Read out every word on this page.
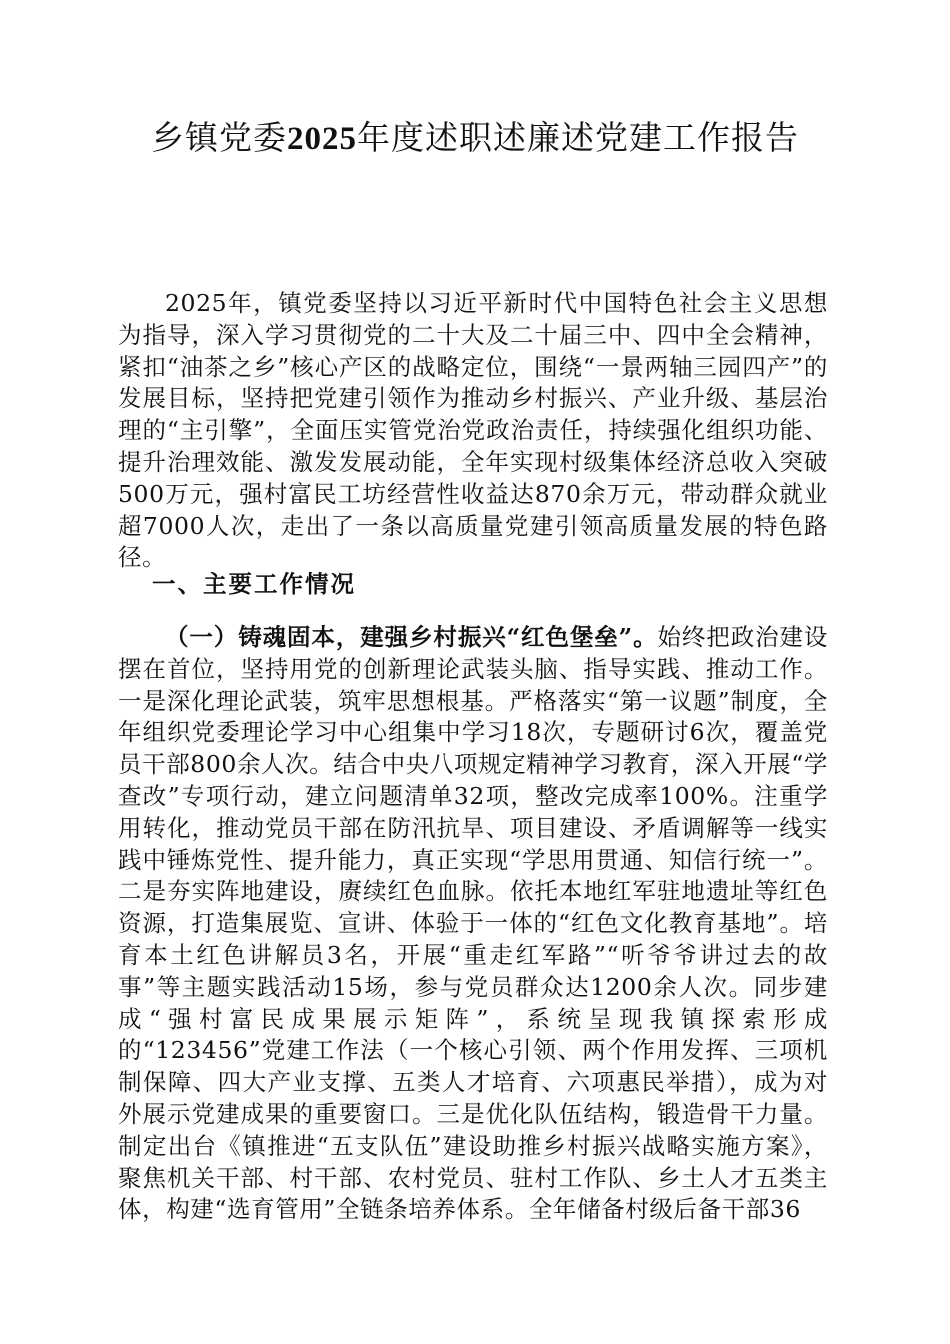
乡镇党委2025年度述职述廉述党建工作报告

2025年，镇党委坚持以习近平新时代中国特色社会主义思想为指导，深入学习贯彻党的二十大及二十届三中、四中全会精神，紧扣“油茶之乡”核心产区的战略定位，围绕“一景两轴三园四产”的发展目标，坚持把党建引领作为推动乡村振兴、产业升级、基层治理的“主引擎”，全面压实管党治党政治责任，持续强化组织功能、提升治理效能、激发发展动能，全年实现村级集体经济总收入突破500万元，强村富民工坊经营性收益达870余万元，带动群众就业超7000人次，走出了一条以高质量党建引领高质量发展的特色路径。

一、主要工作情况

（一）铸魂固本，建强乡村振兴“红色堡垒”。始终把政治建设摆在首位，坚持用党的创新理论武装头脑、指导实践、推动工作。一是深化理论武装，筑牢思想根基。严格落实“第一议题”制度，全年组织党委理论学习中心组集中学习18次，专题研讨6次，覆盖党员干部800余人次。结合中央八项规定精神学习教育，深入开展“学查改”专项行动，建立问题清单32项，整改完成率100%。注重学用转化，推动党员干部在防汛抗旱、项目建设、矛盾调解等一线实践中锤炼党性、提升能力，真正实现“学思用贯通、知信行统一”。二是夯实阵地建设，赓续红色血脉。依托本地红军驻地遗址等红色资源，打造集展览、宣讲、体验于一体的“红色文化教育基地”。培育本土红色讲解员3名，开展“重走红军路”“听爷爷讲过去的故事”等主题实践活动15场，参与党员群众达1200余人次。同步建成“强村富民成果展示矩阵”，系统呈现我镇探索形成的“123456”党建工作法（一个核心引领、两个作用发挥、三项机制保障、四大产业支撑、五类人才培育、六项惠民举措），成为对外展示党建成果的重要窗口。三是优化队伍结构，锻造骨干力量。制定出台《镇推进“五支队伍”建设助推乡村振兴战略实施方案》，聚焦机关干部、村干部、农村党员、驻村工作队、乡土人才五类主体，构建“选育管用”全链条培养体系。全年储备村级后备干部36
